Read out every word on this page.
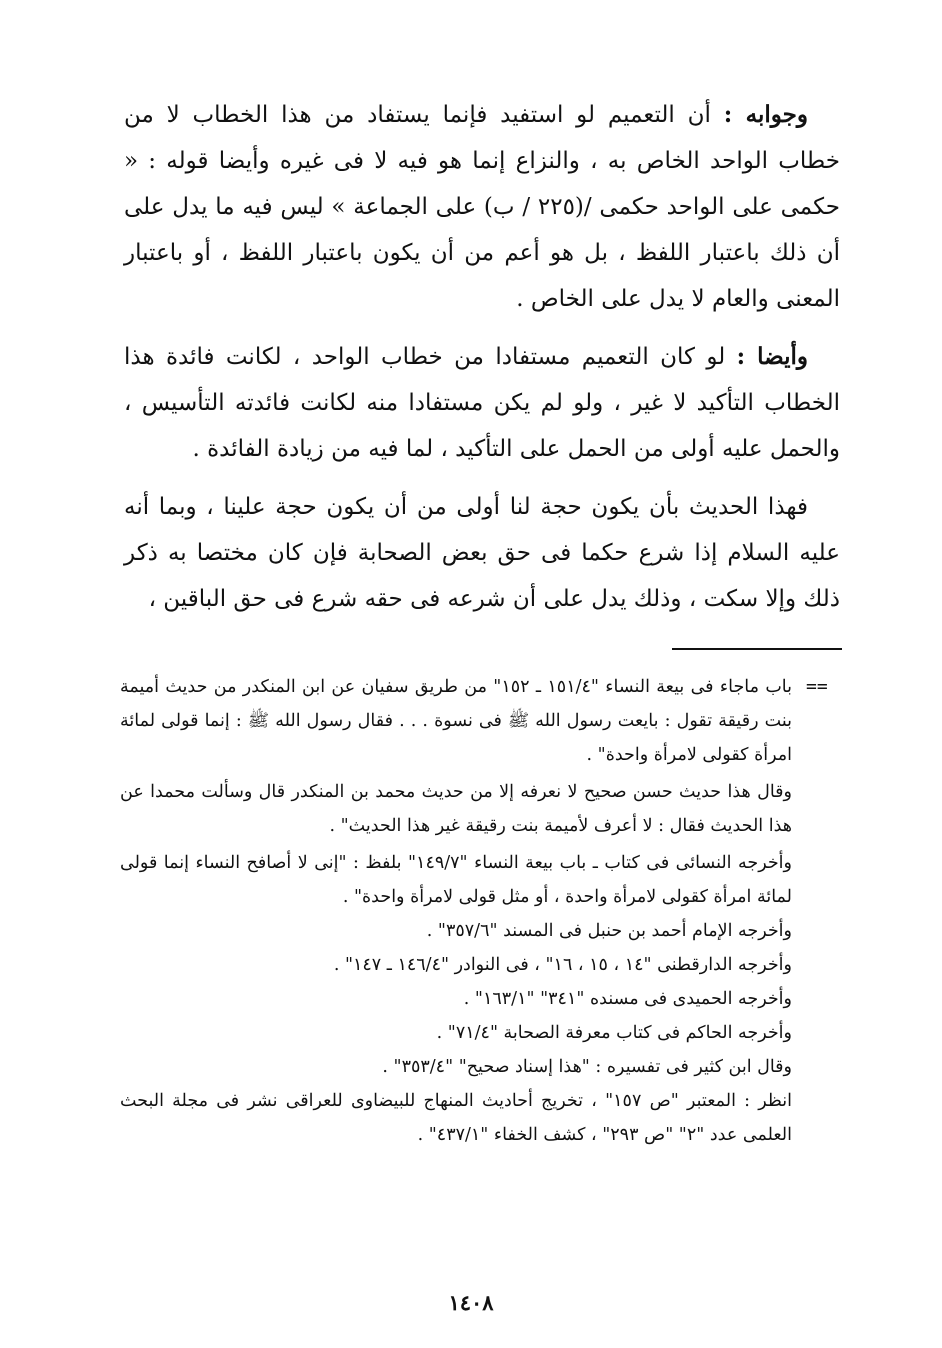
وجوابه : أن التعميم لو استفيد فإنما يستفاد من هذا الخطاب لا من خطاب الواحد الخاص به ، والنزاع إنما هو فيه لا فى غيره وأيضا قوله : « حكمى على الواحد حكمى /(٢٢٥ / ب) على الجماعة » ليس فيه ما يدل على أن ذلك باعتبار اللفظ ، بل هو أعم من أن يكون باعتبار اللفظ ، أو باعتبار المعنى والعام لا يدل على الخاص .

وأيضا : لو كان التعميم مستفادا من خطاب الواحد ، لكانت فائدة هذا الخطاب التأكيد لا غير ، ولو لم يكن مستفادا منه لكانت فائدته التأسيس ، والحمل عليه أولى من الحمل على التأكيد ، لما فيه من زيادة الفائدة .

فهذا الحديث بأن يكون حجة لنا أولى من أن يكون حجة علينا ، وبما أنه عليه السلام إذا شرع حكما فى حق بعض الصحابة فإن كان مختصا به ذكر ذلك وإلا سكت ، وذلك يدل على أن شرعه فى حقه شرع فى حق الباقين ،

==

باب ماجاء فى بيعة النساء "١٥١/٤ ـ ١٥٢" من طريق سفيان عن ابن المنكدر من حديث أميمة بنت رقيقة تقول : بايعت رسول الله ﷺ فى نسوة . . . فقال رسول الله ﷺ : إنما قولى لمائة امرأة كقولى لامرأة واحدة" .

وقال هذا حديث حسن صحيح لا نعرفه إلا من حديث محمد بن المنكدر قال وسألت محمدا عن هذا الحديث فقال : لا أعرف لأميمة بنت رقيقة غير هذا الحديث" .

وأخرجه النسائى فى كتاب ـ باب بيعة النساء "١٤٩/٧" بلفظ : "إنى لا أصافح النساء إنما قولى لمائة امرأة كقولى لامرأة واحدة ، أو مثل قولى لامرأة واحدة" .

وأخرجه الإمام أحمد بن حنبل فى المسند "٣٥٧/٦" .

وأخرجه الدارقطنى "١٤ ، ١٥ ، ١٦" ، فى النوادر "١٤٦/٤ ـ ١٤٧" .

وأخرجه الحميدى فى مسنده "٣٤١" "١٦٣/١" .

وأخرجه الحاكم فى كتاب معرفة الصحابة "٧١/٤" .

وقال ابن كثير فى تفسيره : "هذا إسناد صحيح" "٣٥٣/٤" .

انظر : المعتبر "ص ١٥٧" ، تخريج أحاديث المنهاج للبيضاوى للعراقى نشر فى مجلة البحث العلمى عدد "٢" "ص ٢٩٣" ، كشف الخفاء "٤٣٧/١" .

١٤٠٨
